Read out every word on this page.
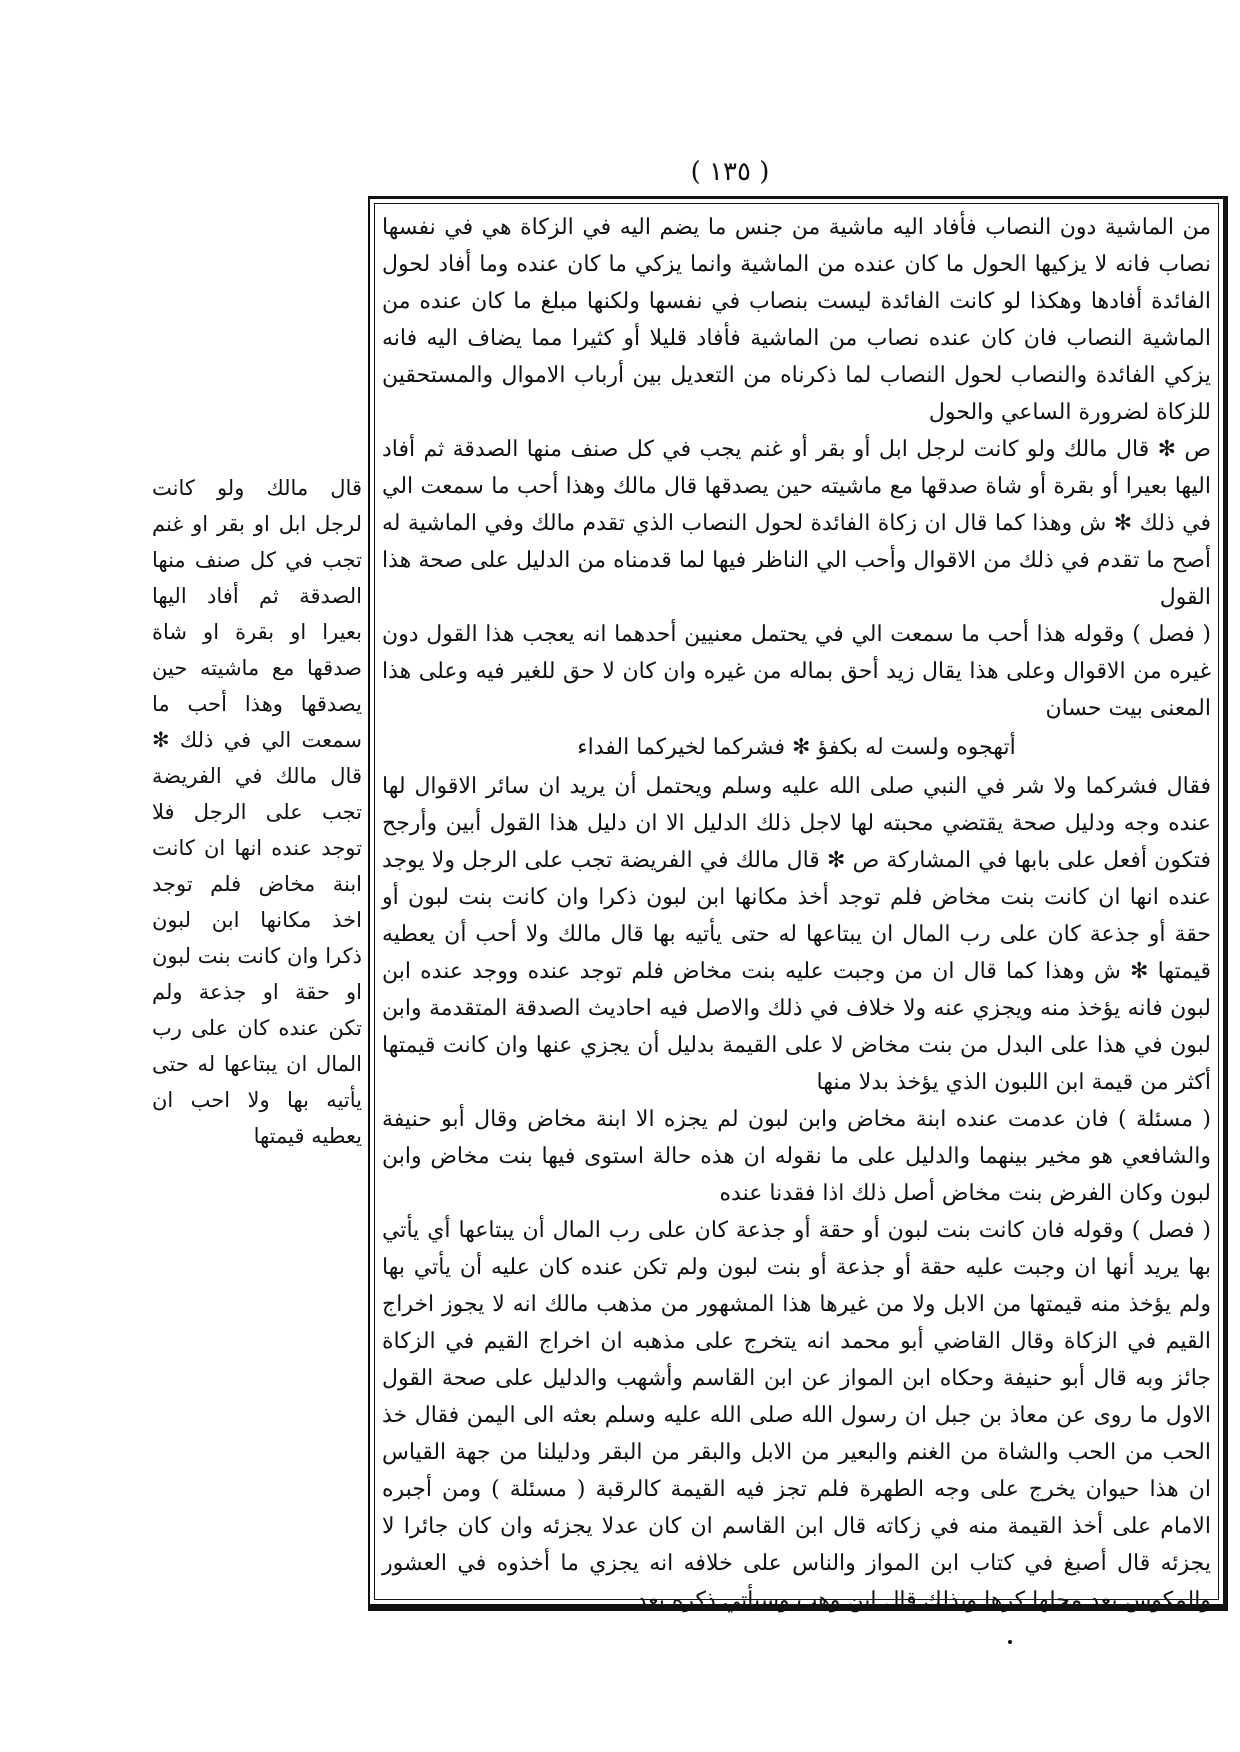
( ١٣٥ )

من الماشية دون النصاب فأفاد اليه ماشية من جنس ما يضم اليه في الزكاة هي في نفسها نصاب فانه لا يزكيها الحول ما كان عنده من الماشية وانما يزكي ما كان عنده وما أفاد لحول الفائدة أفادها وهكذا لو كانت الفائدة ليست بنصاب في نفسها ولكنها مبلغ ما كان عنده من الماشية النصاب فان كان عنده نصاب من الماشية فأفاد قليلا أو كثيرا مما يضاف اليه فانه يزكي الفائدة والنصاب لحول النصاب لما ذكرناه من التعديل بين أرباب الاموال والمستحقين للزكاة لضرورة الساعي والحول

ص ✻ قال مالك ولو كانت لرجل ابل أو بقر أو غنم يجب في كل صنف منها الصدقة ثم أفاد اليها بعيرا أو بقرة أو شاة صدقها مع ماشيته حين يصدقها قال مالك وهذا أحب ما سمعت الي في ذلك ✻ ش وهذا كما قال ان زكاة الفائدة لحول النصاب الذي تقدم مالك وفي الماشية له أصح ما تقدم في ذلك من الاقوال وأحب الي الناظر فيها لما قدمناه من الدليل على صحة هذا القول

( فصل ) وقوله هذا أحب ما سمعت الي في يحتمل معنيين أحدهما انه يعجب هذا القول دون غيره من الاقوال وعلى هذا يقال زيد أحق بماله من غيره وان كان لا حق للغير فيه وعلى هذا المعنى بيت حسان

أتهجوه ولست له بكفؤ ✻ فشركما لخيركما الفداء

فقال فشركما ولا شر في النبي صلى الله عليه وسلم ويحتمل أن يريد ان سائر الاقوال لها عنده وجه ودليل صحة يقتضي محبته لها لاجل ذلك الدليل الا ان دليل هذا القول أبين وأرجح فتكون أفعل على بابها في المشاركة ص ✻ قال مالك في الفريضة تجب على الرجل ولا يوجد عنده انها ان كانت بنت مخاض فلم توجد أخذ مكانها ابن لبون ذكرا وان كانت بنت لبون أو حقة أو جذعة كان على رب المال ان يبتاعها له حتى يأتيه بها قال مالك ولا أحب أن يعطيه قيمتها ✻ ش وهذا كما قال ان من وجبت عليه بنت مخاض فلم توجد عنده ووجد عنده ابن لبون فانه يؤخذ منه ويجزي عنه ولا خلاف في ذلك والاصل فيه احاديث الصدقة المتقدمة وابن لبون في هذا على البدل من بنت مخاض لا على القيمة بدليل أن يجزي عنها وان كانت قيمتها أكثر من قيمة ابن اللبون الذي يؤخذ بدلا منها

( مسئلة ) فان عدمت عنده ابنة مخاض وابن لبون لم يجزه الا ابنة مخاض وقال أبو حنيفة والشافعي هو مخير بينهما والدليل على ما نقوله ان هذه حالة استوى فيها بنت مخاض وابن لبون وكان الفرض بنت مخاض أصل ذلك اذا فقدنا عنده

( فصل ) وقوله فان كانت بنت لبون أو حقة أو جذعة كان على رب المال أن يبتاعها أي يأتي بها يريد أنها ان وجبت عليه حقة أو جذعة أو بنت لبون ولم تكن عنده كان عليه أن يأتي بها ولم يؤخذ منه قيمتها من الابل ولا من غيرها هذا المشهور من مذهب مالك انه لا يجوز اخراج القيم في الزكاة وقال القاضي أبو محمد انه يتخرج على مذهبه ان اخراج القيم في الزكاة جائز وبه قال أبو حنيفة وحكاه ابن المواز عن ابن القاسم وأشهب والدليل على صحة القول الاول ما روى عن معاذ بن جبل ان رسول الله صلى الله عليه وسلم بعثه الى اليمن فقال خذ الحب من الحب والشاة من الغنم والبعير من الابل والبقر من البقر ودليلنا من جهة القياس ان هذا حيوان يخرج على وجه الطهرة فلم تجز فيه القيمة كالرقبة ( مسئلة ) ومن أجبره الامام على أخذ القيمة منه في زكاته قال ابن القاسم ان كان عدلا يجزئه وان كان جائرا لا يجزئه قال أصبغ في كتاب ابن المواز والناس على خلافه انه يجزي ما أخذوه في العشور والمكوس بعد محلها كرها وبذلك قال ابن وهب وسيأتي ذكره بعد

قال مالك ولو كانت لرجل ابل او بقر او غنم تجب في كل صنف منها الصدقة ثم أفاد اليها بعيرا او بقرة او شاة صدقها مع ماشيته حين يصدقها وهذا أحب ما سمعت الي في ذلك ✻ قال مالك في الفريضة تجب على الرجل فلا توجد عنده انها ان كانت ابنة مخاض فلم توجد اخذ مكانها ابن لبون ذكرا وان كانت بنت لبون او حقة او جذعة ولم تكن عنده كان على رب المال ان يبتاعها له حتى يأتيه بها ولا احب ان يعطيه قيمتها
